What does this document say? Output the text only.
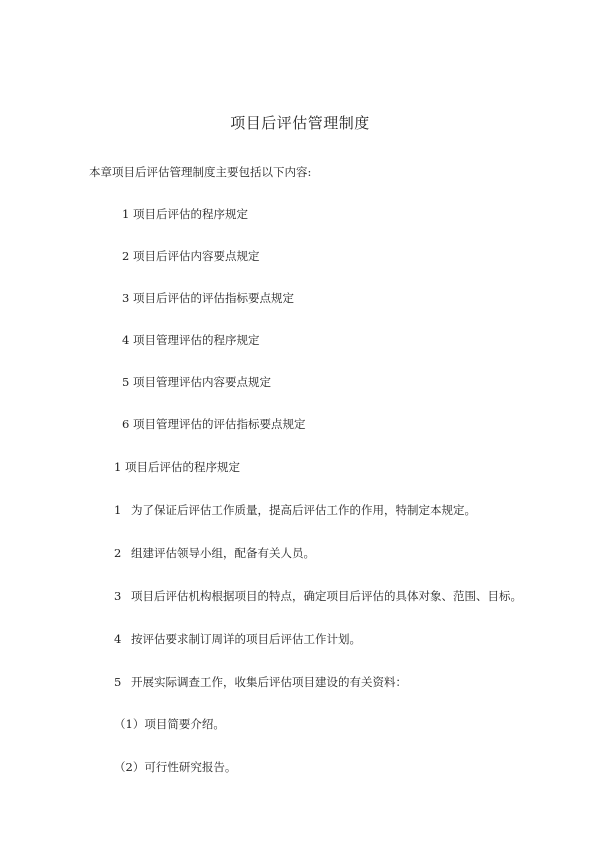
项目后评估管理制度
本章项目后评估管理制度主要包括以下内容:
1 项目后评估的程序规定
2 项目后评估内容要点规定
3 项目后评估的评估指标要点规定
4 项目管理评估的程序规定
5 项目管理评估内容要点规定
6 项目管理评估的评估指标要点规定
1 项目后评估的程序规定
1 为了保证后评估工作质量，提高后评估工作的作用，特制定本规定。
2 组建评估领导小组，配备有关人员。
3 项目后评估机构根据项目的特点，确定项目后评估的具体对象、范围、目标。
4 按评估要求制订周详的项目后评估工作计划。
5 开展实际调查工作，收集后评估项目建设的有关资料：
（1）项目简要介绍。
（2）可行性研究报告。
